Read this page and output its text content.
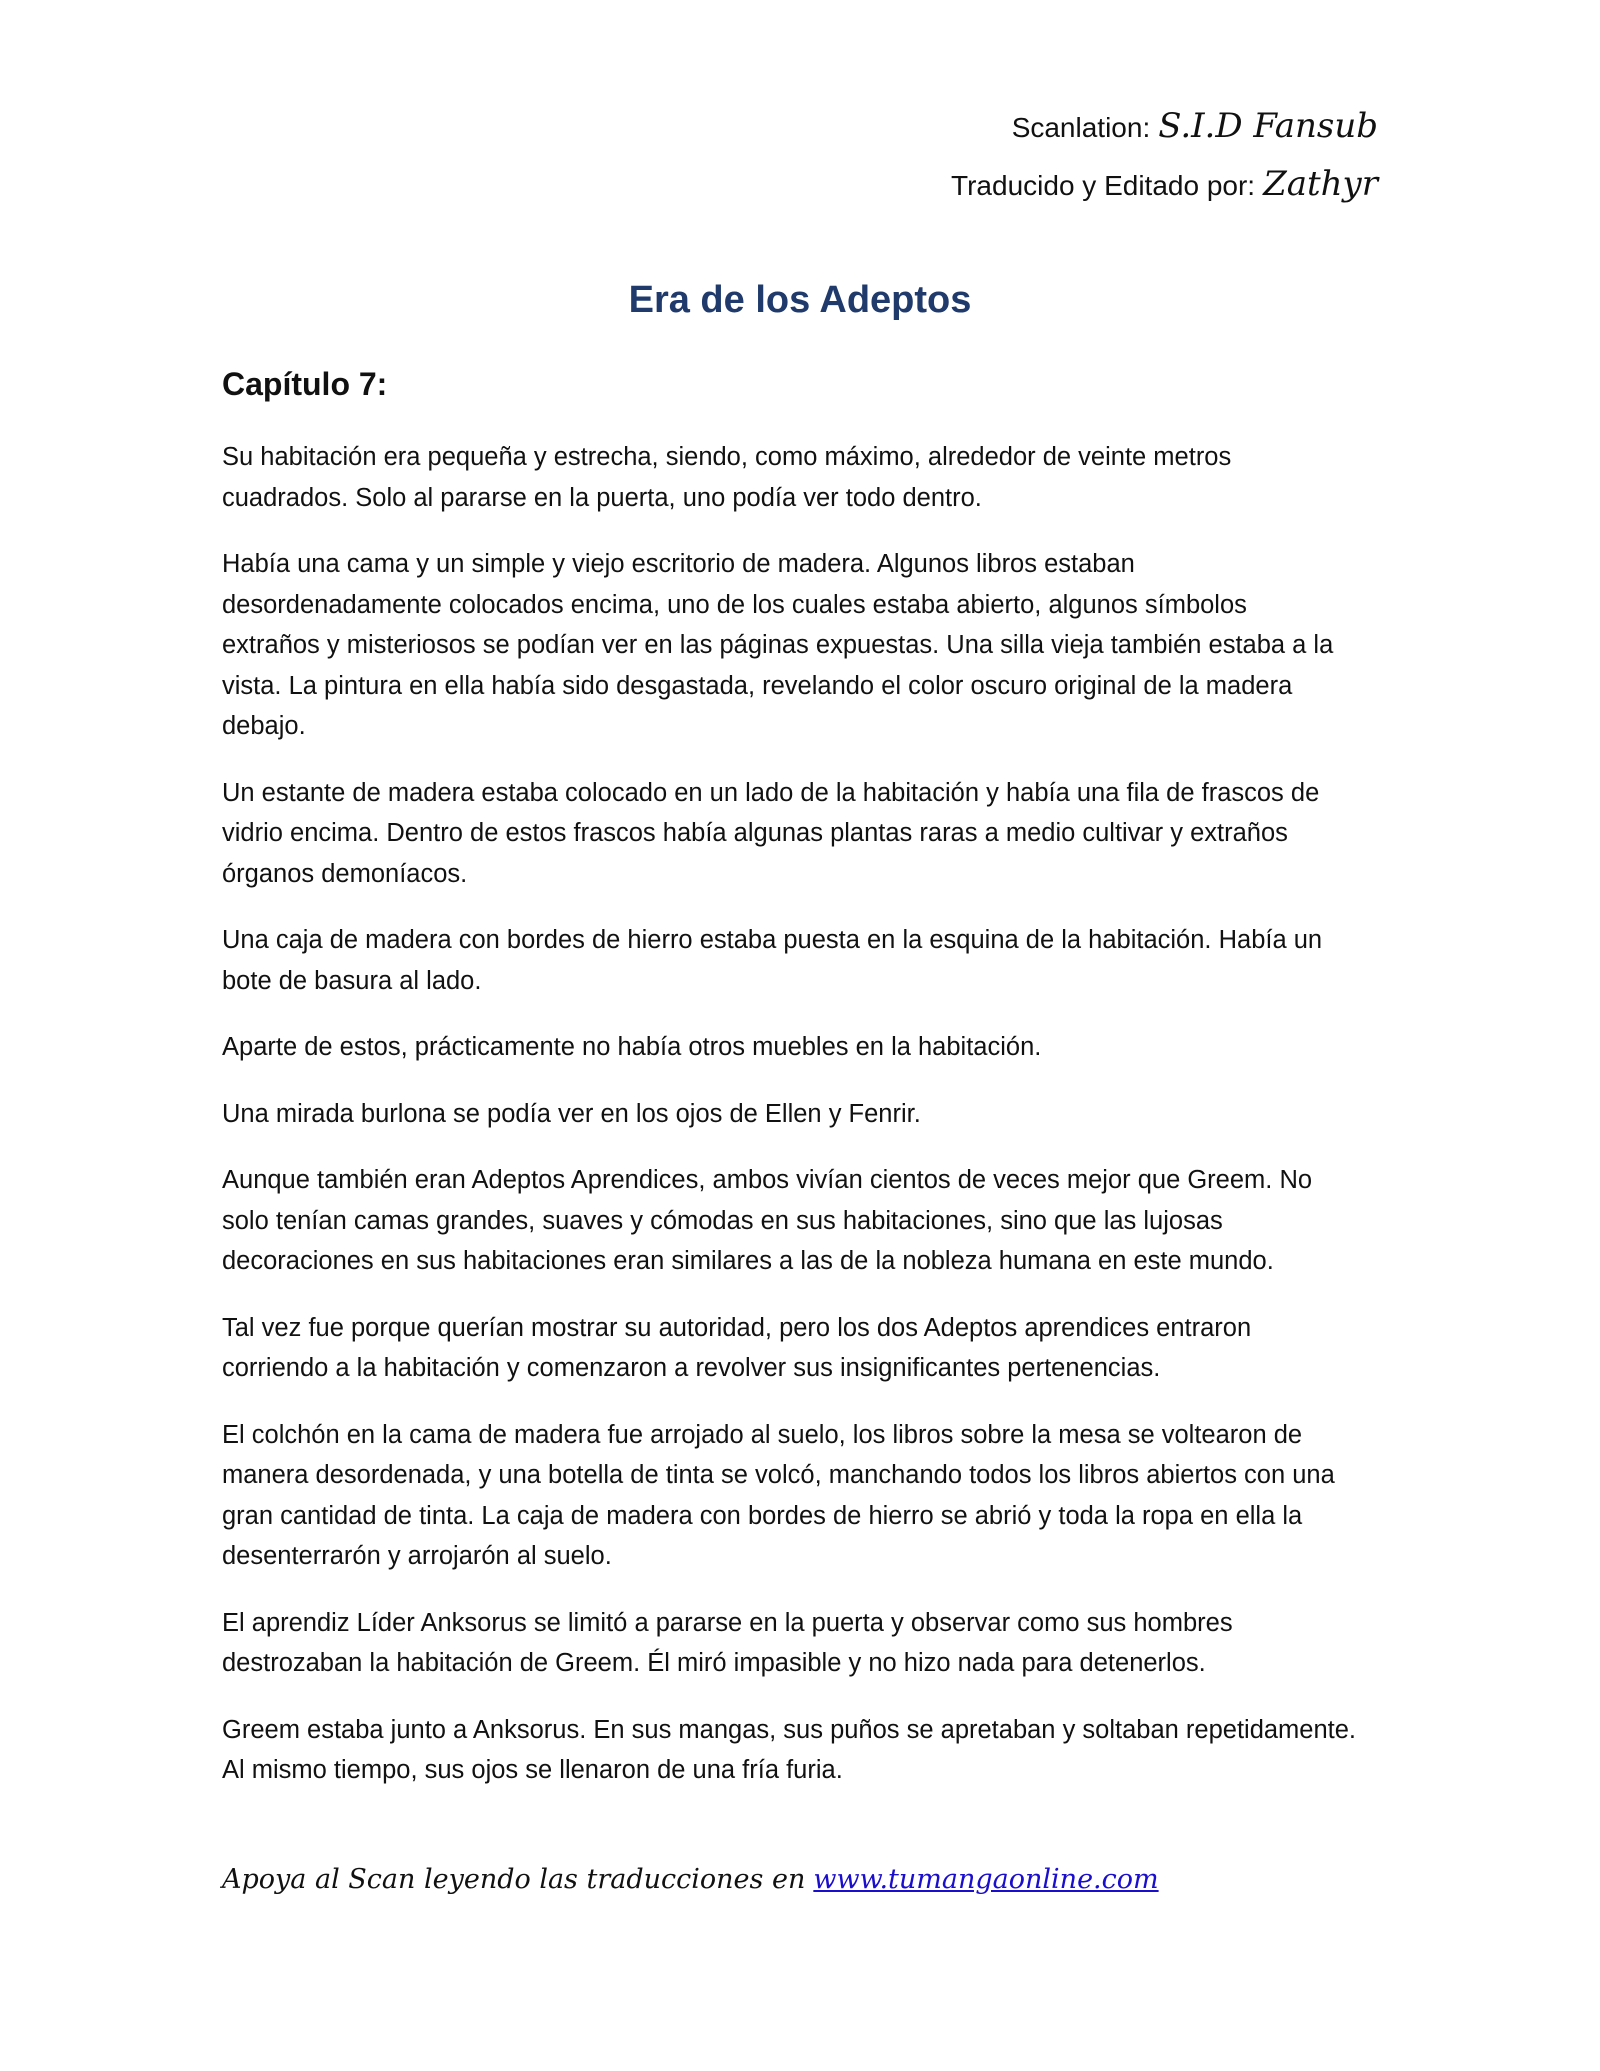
Scanlation: S.I.D Fansub
Traducido y Editado por: Zathyr
Era de los Adeptos
Capítulo 7:

Su habitación era pequeña y estrecha, siendo, como máximo, alrededor de veinte metros
cuadrados. Solo al pararse en la puerta, uno podía ver todo dentro.

Había una cama y un simple y viejo escritorio de madera. Algunos libros estaban
desordenadamente colocados encima, uno de los cuales estaba abierto, algunos símbolos
extraños y misteriosos se podían ver en las páginas expuestas. Una silla vieja también estaba a la
vista. La pintura en ella había sido desgastada, revelando el color oscuro original de la madera
debajo.

Un estante de madera estaba colocado en un lado de la habitación y había una fila de frascos de
vidrio encima. Dentro de estos frascos había algunas plantas raras a medio cultivar y extraños
órganos demoníacos.

Una caja de madera con bordes de hierro estaba puesta en la esquina de la habitación. Había un
bote de basura al lado.

Aparte de estos, prácticamente no había otros muebles en la habitación.

Una mirada burlona se podía ver en los ojos de Ellen y Fenrir.

Aunque también eran Adeptos Aprendices, ambos vivían cientos de veces mejor que Greem. No
solo tenían camas grandes, suaves y cómodas en sus habitaciones, sino que las lujosas
decoraciones en sus habitaciones eran similares a las de la nobleza humana en este mundo.

Tal vez fue porque querían mostrar su autoridad, pero los dos Adeptos aprendices entraron
corriendo a la habitación y comenzaron a revolver sus insignificantes pertenencias.

El colchón en la cama de madera fue arrojado al suelo, los libros sobre la mesa se voltearon de
manera desordenada, y una botella de tinta se volcó, manchando todos los libros abiertos con una
gran cantidad de tinta. La caja de madera con bordes de hierro se abrió y toda la ropa en ella la
desenterrarón y arrojarón al suelo.

El aprendiz Líder Anksorus se limitó a pararse en la puerta y observar como sus hombres
destrozaban la habitación de Greem. Él miró impasible y no hizo nada para detenerlos.

Greem estaba junto a Anksorus. En sus mangas, sus puños se apretaban y soltaban repetidamente.
Al mismo tiempo, sus ojos se llenaron de una fría furia.

Apoya al Scan leyendo las traducciones en www.tumangaonline.com
